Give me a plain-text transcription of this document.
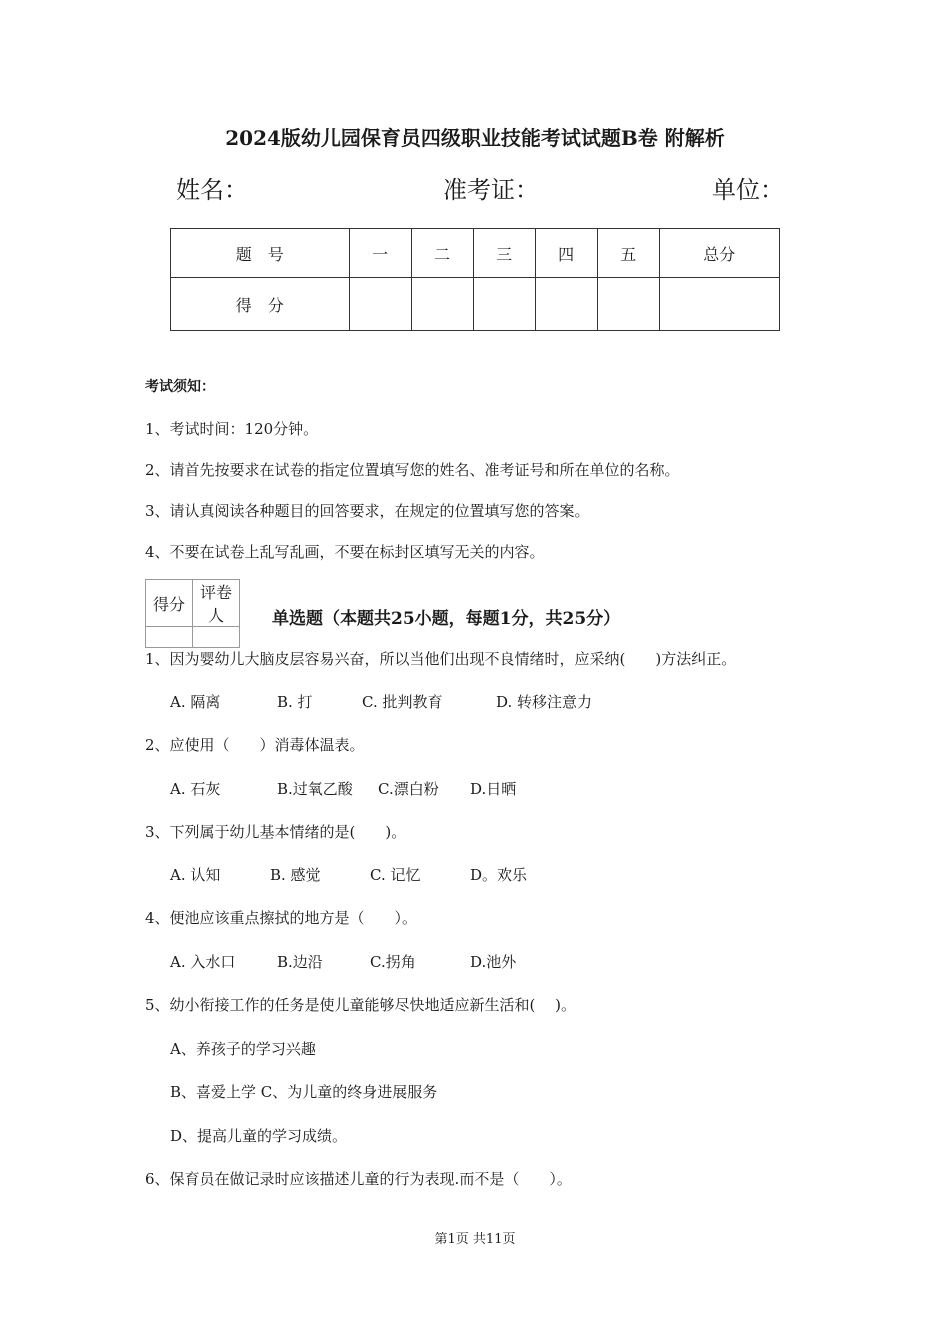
2024版幼儿园保育员四级职业技能考试试题B卷 附解析
姓名：	准考证：	单位：
题　号	一	二	三	四	五	总分
得　分						
考试须知：
1、考试时间：120分钟。
2、请首先按要求在试卷的指定位置填写您的姓名、准考证号和所在单位的名称。
3、请认真阅读各种题目的回答要求，在规定的位置填写您的答案。
4、不要在试卷上乱写乱画，不要在标封区填写无关的内容。
得分	评卷人
		单选题（本题共25小题，每题1分，共25分）
1、因为婴幼儿大脑皮层容易兴奋，所以当他们出现不良情绪时，应采纳(　　)方法纠正。
A. 隔离	B. 打	C. 批判教育	D. 转移注意力
2、应使用（　　）消毒体温表。
A. 石灰	B.过氧乙酸 C.漂白粉 D.日晒
3、下列属于幼儿基本情绪的是(　　)。
A. 认知	B. 感觉	C. 记忆	D。欢乐
4、便池应该重点擦拭的地方是（　　）。
A. 入水口	B.边沿	C.拐角	D.池外
5、幼小衔接工作的任务是使儿童能够尽快地适应新生活和(　 )。
A、养孩子的学习兴趣
B、喜爱上学 C、为儿童的终身进展服务
D、提高儿童的学习成绩。
6、保育员在做记录时应该描述儿童的行为表现.而不是（　　）。
第1页 共11页
